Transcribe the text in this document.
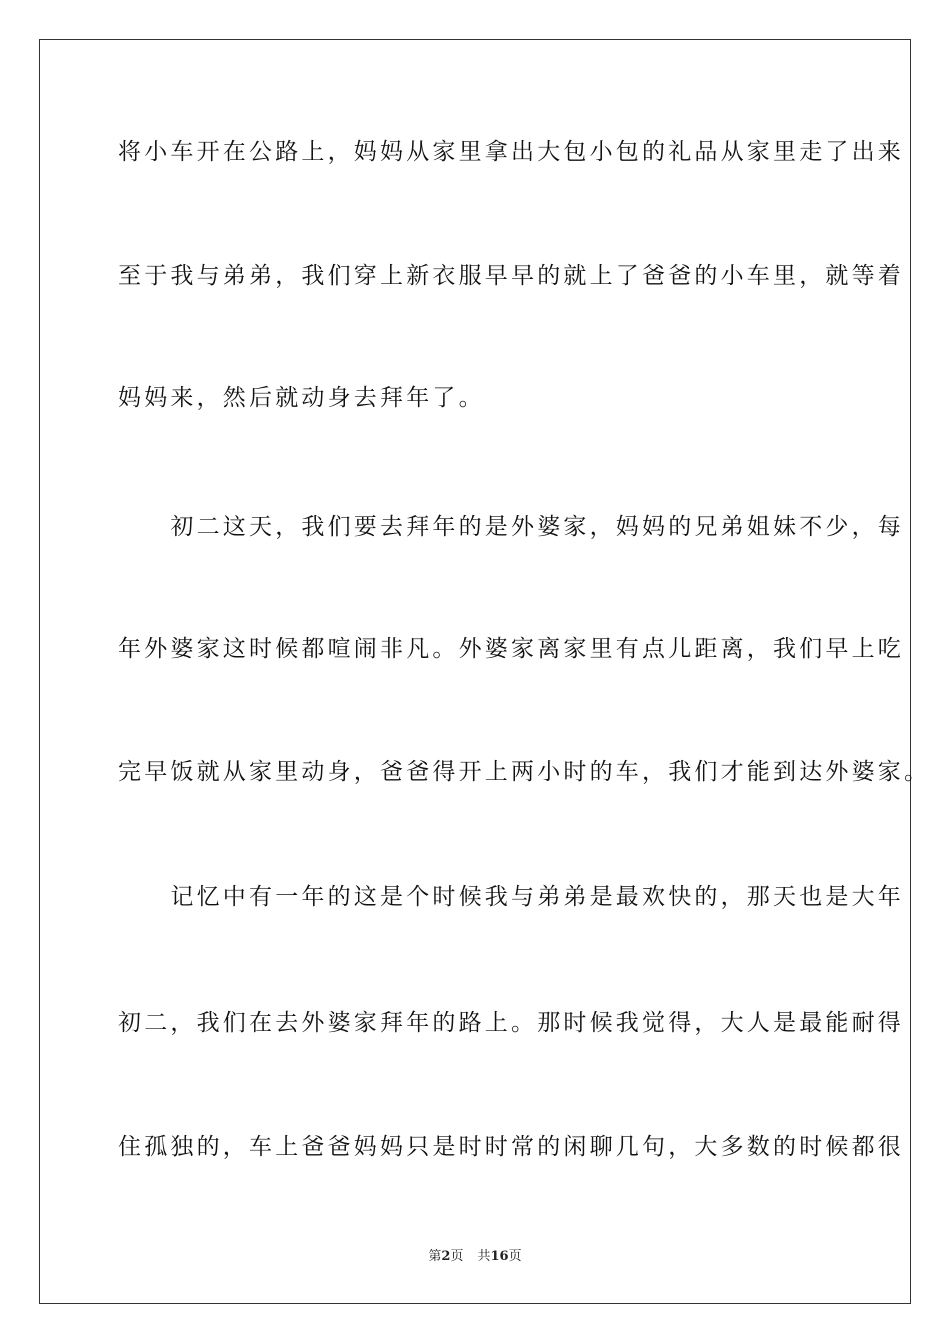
将小车开在公路上，妈妈从家里拿出大包小包的礼品从家里走了出来
至于我与弟弟，我们穿上新衣服早早的就上了爸爸的小车里，就等着
妈妈来，然后就动身去拜年了。
　　初二这天，我们要去拜年的是外婆家，妈妈的兄弟姐妹不少，每
年外婆家这时候都喧闹非凡。外婆家离家里有点儿距离，我们早上吃
完早饭就从家里动身，爸爸得开上两小时的车，我们才能到达外婆家。
　　记忆中有一年的这是个时候我与弟弟是最欢快的，那天也是大年
初二，我们在去外婆家拜年的路上。那时候我觉得，大人是最能耐得
住孤独的，车上爸爸妈妈只是时时常的闲聊几句，大多数的时候都很
第2页 共16页
